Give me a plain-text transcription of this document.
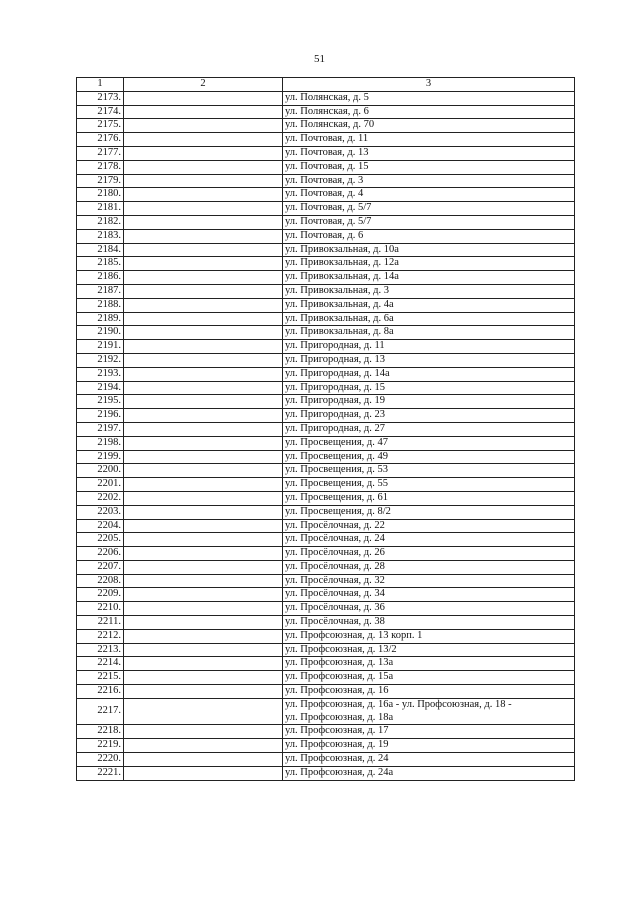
51
1	2	3
2173.		ул. Полянская, д. 5
2174.		ул. Полянская, д. 6
2175.		ул. Полянская, д. 70
2176.		ул. Почтовая, д. 11
2177.		ул. Почтовая, д. 13
2178.		ул. Почтовая, д. 15
2179.		ул. Почтовая, д. 3
2180.		ул. Почтовая, д. 4
2181.		ул. Почтовая, д. 5/7
2182.		ул. Почтовая, д. 5/7
2183.		ул. Почтовая, д. 6
2184.		ул. Привокзальная, д. 10а
2185.		ул. Привокзальная, д. 12а
2186.		ул. Привокзальная, д. 14а
2187.		ул. Привокзальная, д. 3
2188.		ул. Привокзальная, д. 4а
2189.		ул. Привокзальная, д. 6а
2190.		ул. Привокзальная, д. 8а
2191.		ул. Пригородная, д. 11
2192.		ул. Пригородная, д. 13
2193.		ул. Пригородная, д. 14а
2194.		ул. Пригородная, д. 15
2195.		ул. Пригородная, д. 19
2196.		ул. Пригородная, д. 23
2197.		ул. Пригородная, д. 27
2198.		ул. Просвещения, д. 47
2199.		ул. Просвещения, д. 49
2200.		ул. Просвещения, д. 53
2201.		ул. Просвещения, д. 55
2202.		ул. Просвещения, д. 61
2203.		ул. Просвещения, д. 8/2
2204.		ул. Просёлочная, д. 22
2205.		ул. Просёлочная, д. 24
2206.		ул. Просёлочная, д. 26
2207.		ул. Просёлочная, д. 28
2208.		ул. Просёлочная, д. 32
2209.		ул. Просёлочная, д. 34
2210.		ул. Просёлочная, д. 36
2211.		ул. Просёлочная, д. 38
2212.		ул. Профсоюзная, д. 13 корп. 1
2213.		ул. Профсоюзная, д. 13/2
2214.		ул. Профсоюзная, д. 13а
2215.		ул. Профсоюзная, д. 15а
2216.		ул. Профсоюзная, д. 16
2217.		ул. Профсоюзная, д. 16а - ул. Профсоюзная, д. 18 -
ул. Профсоюзная, д. 18а

2218.		ул. Профсоюзная, д. 17
2219.		ул. Профсоюзная, д. 19
2220.		ул. Профсоюзная, д. 24
2221.		ул. Профсоюзная, д. 24а
